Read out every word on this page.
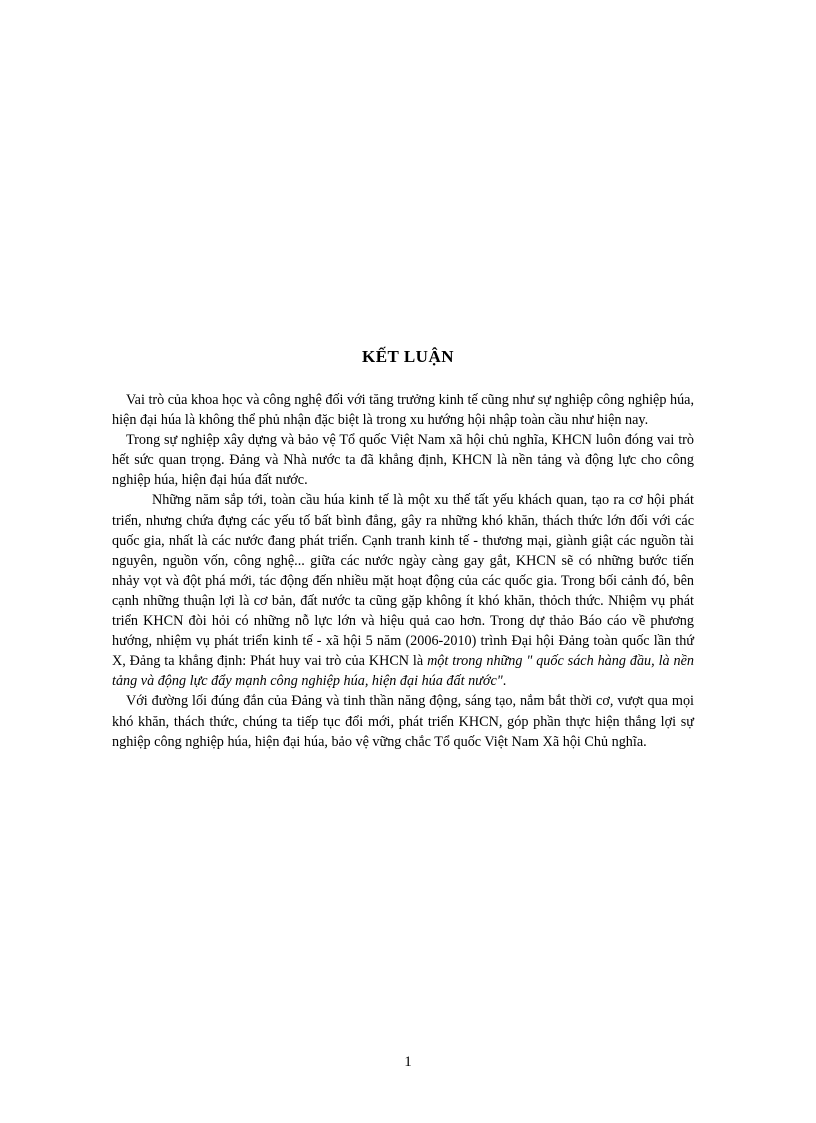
KẾT LUẬN

Vai trò của khoa học và công nghệ đối với tăng trưởng kinh tế cũng như sự nghiệp công nghiệp húa, hiện đại húa là không thể phủ nhận đặc biệt là trong xu hướng hội nhập toàn cầu như hiện nay.

Trong sự nghiệp xây dựng và bảo vệ Tổ quốc Việt Nam xã hội chủ nghĩa, KHCN luôn đóng vai trò hết sức quan trọng. Đảng và Nhà nước ta đã khẳng định, KHCN là nền tảng và động lực cho công nghiệp húa, hiện đại húa đất nước.

Những năm sắp tới, toàn cầu húa kinh tế là một xu thế tất yếu khách quan, tạo ra cơ hội phát triển, nhưng chứa đựng các yếu tố bất bình đẳng, gây ra những khó khăn, thách thức lớn đối với các quốc gia, nhất là các nước đang phát triển. Cạnh tranh kinh tế - thương mại, giành giật các nguồn tài nguyên, nguồn vốn, công nghệ... giữa các nước ngày càng gay gắt, KHCN sẽ có những bước tiến nhảy vọt và đột phá mới, tác động đến nhiều mặt hoạt động của các quốc gia. Trong bối cảnh đó, bên cạnh những thuận lợi là cơ bản, đất nước ta cũng gặp không ít khó khăn, thỏch thức. Nhiệm vụ phát triển KHCN đòi hỏi có những nỗ lực lớn và hiệu quả cao hơn. Trong dự thảo Báo cáo về phương hướng, nhiệm vụ phát triển kinh tế - xã hội 5 năm (2006-2010) trình Đại hội Đảng toàn quốc lần thứ X, Đảng ta khẳng định: Phát huy vai trò của KHCN là một trong những " quốc sách hàng đầu, là nền tảng và động lực đẩy mạnh công nghiệp húa, hiện đại húa đất nước".

Với đường lối đúng đắn của Đảng và tinh thần năng động, sáng tạo, nắm bắt thời cơ, vượt qua mọi khó khăn, thách thức, chúng ta tiếp tục đổi mới, phát triển KHCN, góp phần thực hiện thắng lợi sự nghiệp công nghiệp húa, hiện đại húa, bảo vệ vững chắc Tổ quốc Việt Nam Xã hội Chủ nghĩa.

1
